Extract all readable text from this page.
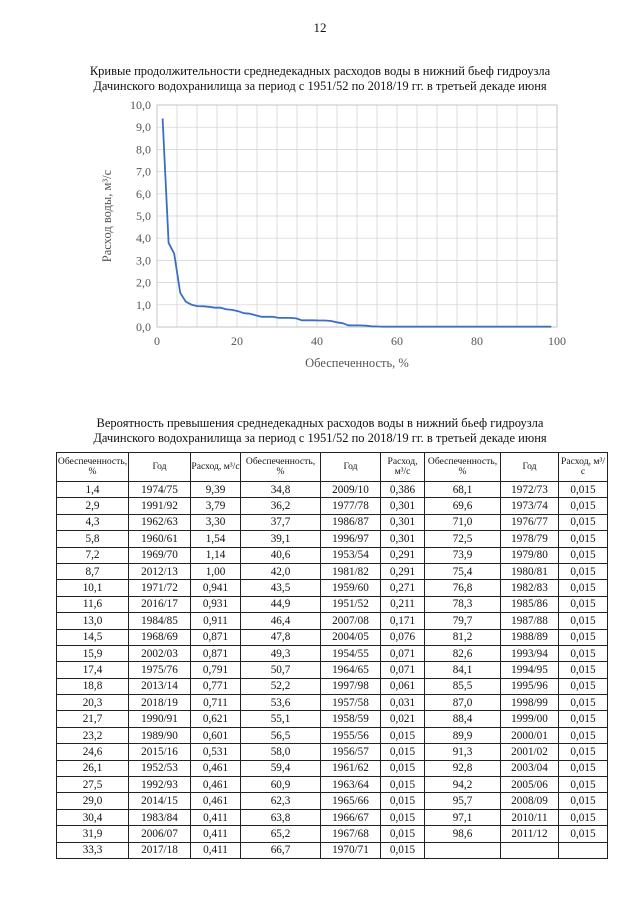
12
Кривые продолжительности среднедекадных расходов воды в нижний бьеф гидроузла
Дачинского водохранилища за период с 1951/52 по 2018/19 гг. в третьей декаде июня
0,0
1,0
2,0
3,0
4,0
5,0
6,0
7,0
8,0
9,0
10,0
0	20	40	60	80	100
Обеспеченность, %
Расход воды, м³/с
Вероятность превышения среднедекадных расходов воды в нижний бьеф гидроузла
Дачинского водохранилища за период с 1951/52 по 2018/19 гг. в третьей декаде июня
Обеспеченность, %	Год	Расход, м³/с	Обеспеченность, %	Год	Расход, м³/с	Обеспеченность, %	Год	Расход, м³/с
1,4	1974/75	9,39	34,8	2009/10	0,386	68,1	1972/73	0,015
2,9	1991/92	3,79	36,2	1977/78	0,301	69,6	1973/74	0,015
4,3	1962/63	3,30	37,7	1986/87	0,301	71,0	1976/77	0,015
5,8	1960/61	1,54	39,1	1996/97	0,301	72,5	1978/79	0,015
7,2	1969/70	1,14	40,6	1953/54	0,291	73,9	1979/80	0,015
8,7	2012/13	1,00	42,0	1981/82	0,291	75,4	1980/81	0,015
10,1	1971/72	0,941	43,5	1959/60	0,271	76,8	1982/83	0,015
11,6	2016/17	0,931	44,9	1951/52	0,211	78,3	1985/86	0,015
13,0	1984/85	0,911	46,4	2007/08	0,171	79,7	1987/88	0,015
14,5	1968/69	0,871	47,8	2004/05	0,076	81,2	1988/89	0,015
15,9	2002/03	0,871	49,3	1954/55	0,071	82,6	1993/94	0,015
17,4	1975/76	0,791	50,7	1964/65	0,071	84,1	1994/95	0,015
18,8	2013/14	0,771	52,2	1997/98	0,061	85,5	1995/96	0,015
20,3	2018/19	0,711	53,6	1957/58	0,031	87,0	1998/99	0,015
21,7	1990/91	0,621	55,1	1958/59	0,021	88,4	1999/00	0,015
23,2	1989/90	0,601	56,5	1955/56	0,015	89,9	2000/01	0,015
24,6	2015/16	0,531	58,0	1956/57	0,015	91,3	2001/02	0,015
26,1	1952/53	0,461	59,4	1961/62	0,015	92,8	2003/04	0,015
27,5	1992/93	0,461	60,9	1963/64	0,015	94,2	2005/06	0,015
29,0	2014/15	0,461	62,3	1965/66	0,015	95,7	2008/09	0,015
30,4	1983/84	0,411	63,8	1966/67	0,015	97,1	2010/11	0,015
31,9	2006/07	0,411	65,2	1967/68	0,015	98,6	2011/12	0,015
33,3	2017/18	0,411	66,7	1970/71	0,015			
